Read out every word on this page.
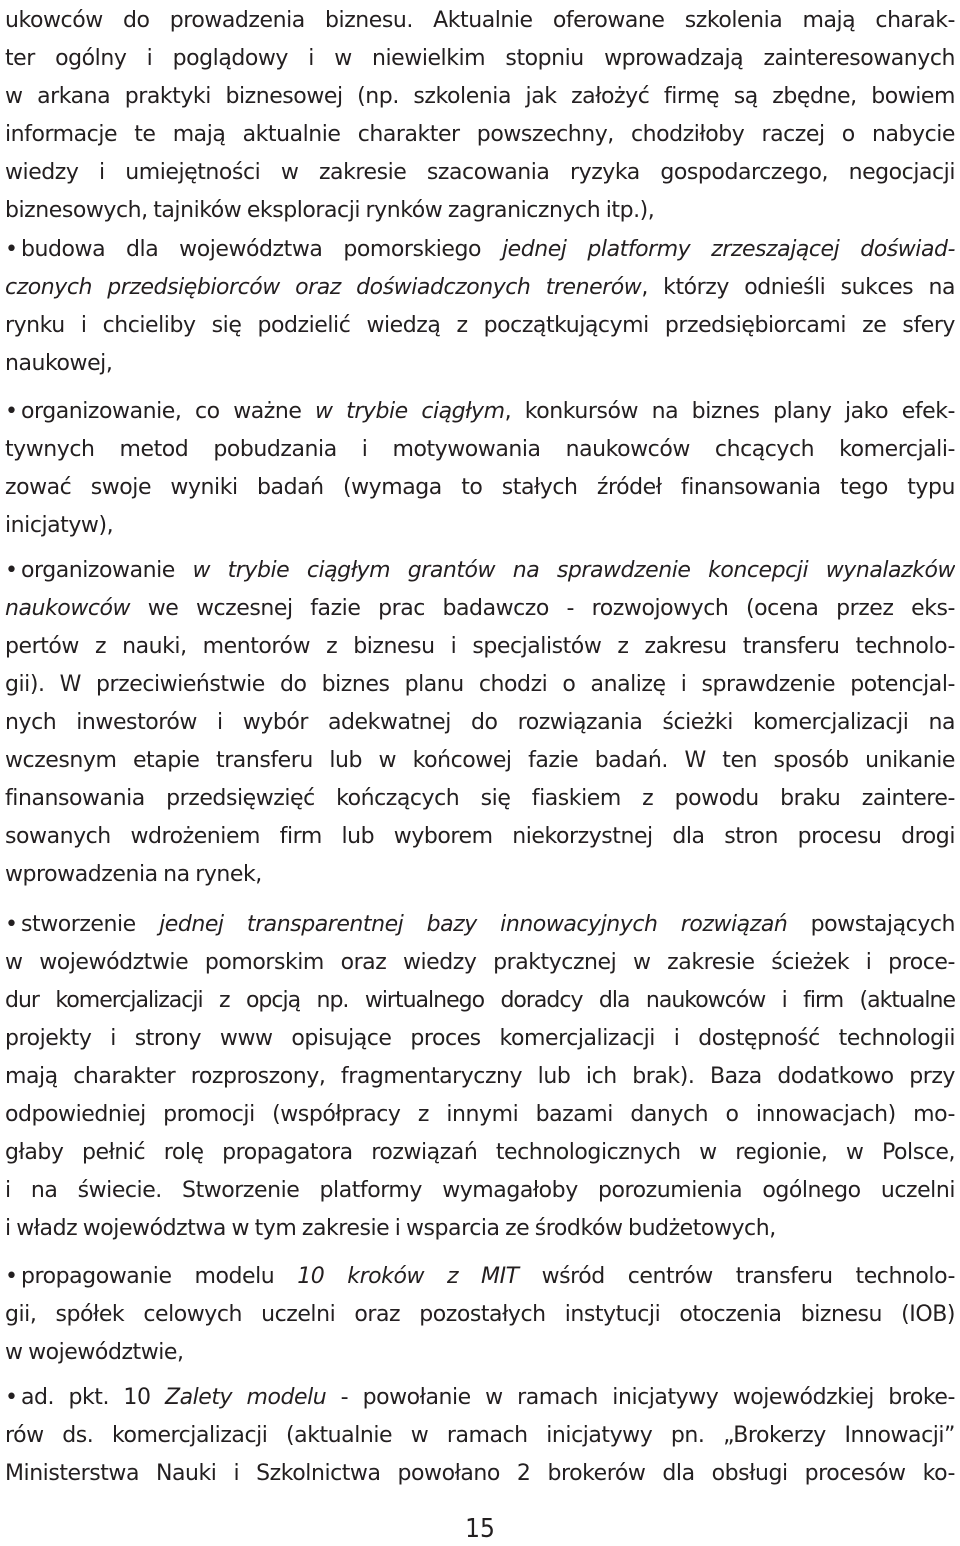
ukowców do prowadzenia biznesu. Aktualnie oferowane szkolenia mają charak-
ter ogólny i poglądowy i w niewielkim stopniu wprowadzają zainteresowanych
w arkana praktyki biznesowej (np. szkolenia jak założyć firmę są zbędne, bowiem
informacje te mają aktualnie charakter powszechny, chodziłoby raczej o nabycie
wiedzy i umiejętności w zakresie szacowania ryzyka gospodarczego, negocjacji
biznesowych, tajników eksploracji rynków zagranicznych itp.),
• budowa dla województwa pomorskiego jednej platformy zrzeszającej doświad-
czonych przedsiębiorców oraz doświadczonych trenerów, którzy odnieśli sukces na
rynku i chcieliby się podzielić wiedzą z początkującymi przedsiębiorcami ze sfery
naukowej,
• organizowanie, co ważne w trybie ciągłym, konkursów na biznes plany jako efek-
tywnych metod pobudzania i motywowania naukowców chcących komercjali-
zować swoje wyniki badań (wymaga to stałych źródeł finansowania tego typu
inicjatyw),
• organizowanie w trybie ciągłym grantów na sprawdzenie koncepcji wynalazków
naukowców we wczesnej fazie prac badawczo - rozwojowych (ocena przez eks-
pertów z nauki, mentorów z biznesu i specjalistów z zakresu transferu technolo-
gii). W przeciwieństwie do biznes planu chodzi o analizę i sprawdzenie potencjal-
nych inwestorów i wybór adekwatnej do rozwiązania ścieżki komercjalizacji na
wczesnym etapie transferu lub w końcowej fazie badań. W ten sposób unikanie
finansowania przedsięwzięć kończących się fiaskiem z powodu braku zaintere-
sowanych wdrożeniem firm lub wyborem niekorzystnej dla stron procesu drogi
wprowadzenia na rynek,
• stworzenie jednej transparentnej bazy innowacyjnych rozwiązań powstających
w województwie pomorskim oraz wiedzy praktycznej w zakresie ścieżek i proce-
dur komercjalizacji z opcją np. wirtualnego doradcy dla naukowców i firm (aktualne
projekty i strony www opisujące proces komercjalizacji i dostępność technologii
mają charakter rozproszony, fragmentaryczny lub ich brak). Baza dodatkowo przy
odpowiedniej promocji (współpracy z innymi bazami danych o innowacjach) mo-
głaby pełnić rolę propagatora rozwiązań technologicznych w regionie, w Polsce,
i na świecie. Stworzenie platformy wymagałoby porozumienia ogólnego uczelni
i władz województwa w tym zakresie i wsparcia ze środków budżetowych,
• propagowanie modelu 10 kroków z MIT wśród centrów transferu technolo-
gii, spółek celowych uczelni oraz pozostałych instytucji otoczenia biznesu (IOB)
w województwie,
• ad. pkt. 10 Zalety modelu - powołanie w ramach inicjatywy wojewódzkiej broke-
rów ds. komercjalizacji (aktualnie w ramach inicjatywy pn. „Brokerzy Innowacji”
Ministerstwa Nauki i Szkolnictwa powołano 2 brokerów dla obsługi procesów ko-
15
